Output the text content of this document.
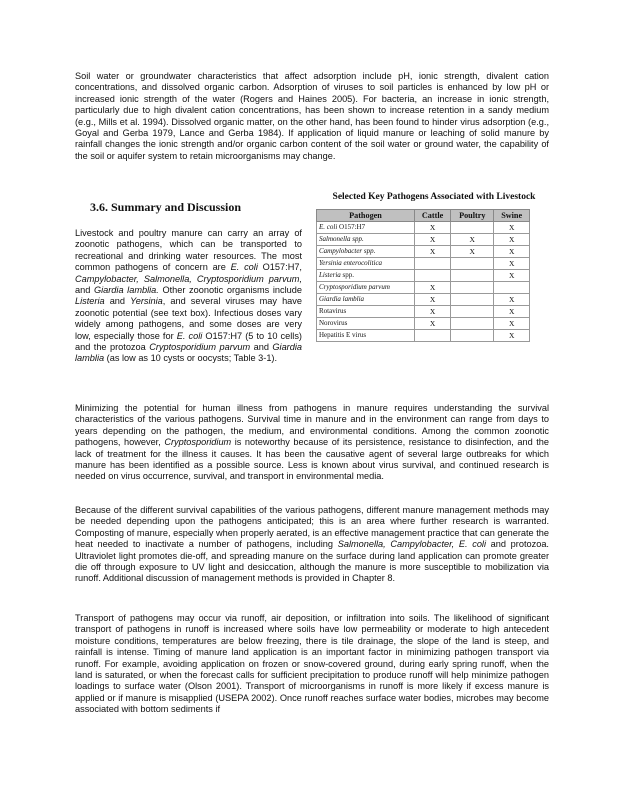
Soil water or groundwater characteristics that affect adsorption include pH, ionic strength, divalent cation concentrations, and dissolved organic carbon. Adsorption of viruses to soil particles is enhanced by low pH or increased ionic strength of the water (Rogers and Haines 2005). For bacteria, an increase in ionic strength, particularly due to high divalent cation concentrations, has been shown to increase retention in a sandy medium (e.g., Mills et al. 1994). Dissolved organic matter, on the other hand, has been found to hinder virus adsorption (e.g., Goyal and Gerba 1979, Lance and Gerba 1984). If application of liquid manure or leaching of solid manure by rainfall changes the ionic strength and/or organic carbon content of the soil water or ground water, the capability of the soil or aquifer system to retain microorganisms may change.

3.6. Summary and Discussion

Livestock and poultry manure can carry an array of zoonotic pathogens, which can be transported to recreational and drinking water resources. The most common pathogens of concern are E. coli O157:H7, Campylobacter, Salmonella, Cryptosporidium parvum, and Giardia lamblia. Other zoonotic organisms include Listeria and Yersinia, and several viruses may have zoonotic potential (see text box). Infectious doses vary widely among pathogens, and some doses are very low, especially those for E. coli O157:H7 (5 to 10 cells) and the protozoa Cryptosporidium parvum and Giardia lamblia (as low as 10 cysts or oocysts; Table 3-1).

Selected Key Pathogens Associated with Livestock
Pathogen	Cattle	Poultry	Swine
E. coli O157:H7	X		X
Salmonella spp.	X	X	X
Campylobacter spp.	X	X	X
Yersinia enterocolitica			X
Listeria spp.			X
Cryptosporidium parvum	X		
Giardia lamblia	X		X
Rotavirus	X		X
Norovirus	X		X
Hepatitis E virus			X

Minimizing the potential for human illness from pathogens in manure requires understanding the survival characteristics of the various pathogens. Survival time in manure and in the environment can range from days to years depending on the pathogen, the medium, and environmental conditions. Among the common zoonotic pathogens, however, Cryptosporidium is noteworthy because of its persistence, resistance to disinfection, and the lack of treatment for the illness it causes. It has been the causative agent of several large outbreaks for which manure has been identified as a possible source. Less is known about virus survival, and continued research is needed on virus occurrence, survival, and transport in environmental media.

Because of the different survival capabilities of the various pathogens, different manure management methods may be needed depending upon the pathogens anticipated; this is an area where further research is warranted. Composting of manure, especially when properly aerated, is an effective management practice that can generate the heat needed to inactivate a number of pathogens, including Salmonella, Campylobacter, E. coli and protozoa. Ultraviolet light promotes die-off, and spreading manure on the surface during land application can promote greater die off through exposure to UV light and desiccation, although the manure is more susceptible to mobilization via runoff. Additional discussion of management methods is provided in Chapter 8.

Transport of pathogens may occur via runoff, air deposition, or infiltration into soils. The likelihood of significant transport of pathogens in runoff is increased where soils have low permeability or moderate to high antecedent moisture conditions, temperatures are below freezing, there is tile drainage, the slope of the land is steep, and rainfall is intense. Timing of manure land application is an important factor in minimizing pathogen transport via runoff. For example, avoiding application on frozen or snow-covered ground, during early spring runoff, when the land is saturated, or when the forecast calls for sufficient precipitation to produce runoff will help minimize pathogen loadings to surface water (Olson 2001). Transport of microorganisms in runoff is more likely if excess manure is applied or if manure is misapplied (USEPA 2002). Once runoff reaches surface water bodies, microbes may become associated with bottom sediments if
